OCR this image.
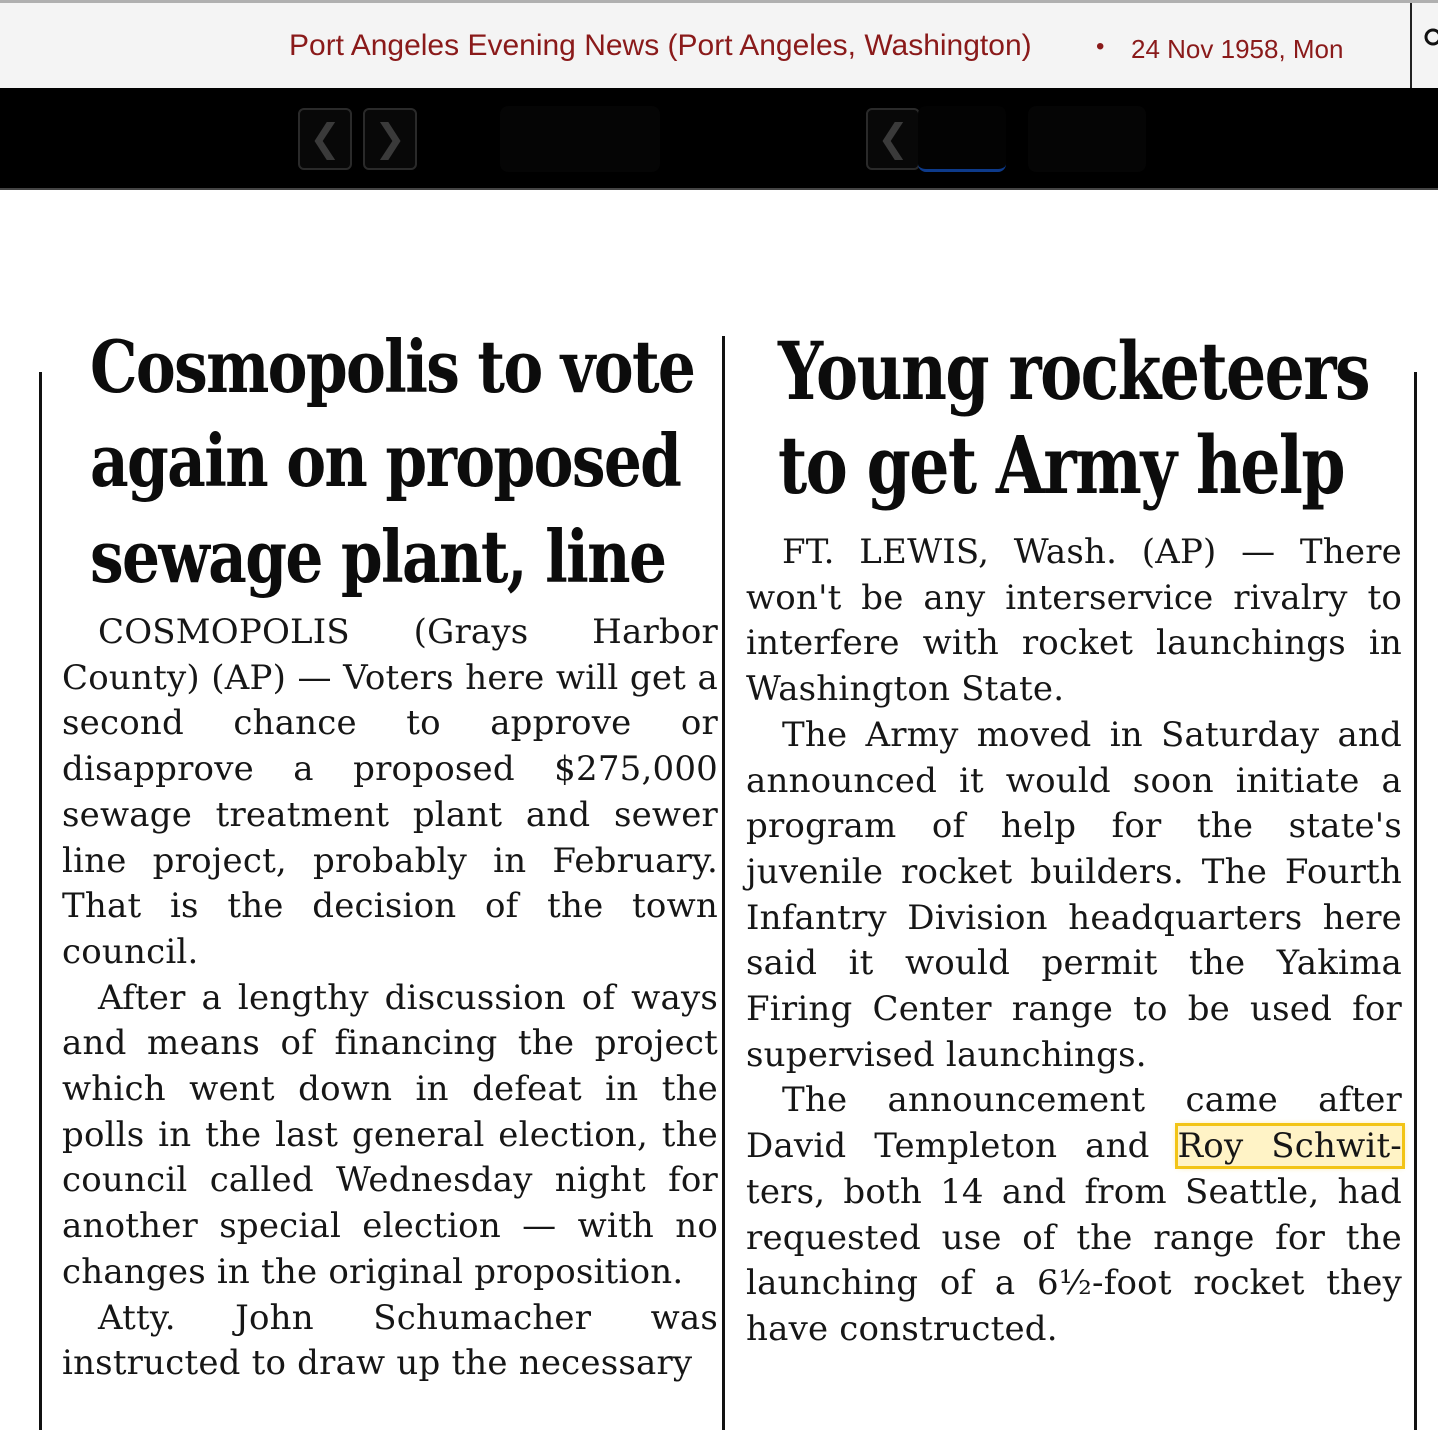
Port Angeles Evening News (Port Angeles, Washington)	• 24 Nov 1958, Mon
❮ ❯	❮
Cosmopolis to vote
again on proposed
sewage plant, line

COSMOPOLIS (Grays Harbor County) (AP) — Voters here will get a second chance to approve or disapprove a proposed $275,000 sewage treatment plant and sewer line project, probably in February. That is the decision of the town council.

After a lengthy discussion of ways and means of financing the project which went down in defeat in the polls in the last general election, the council called Wednesday night for another special election — with no changes in the original proposition.

Atty. John Schumacher was instructed to draw up the necessary

Young rocketeers
to get Army help

FT. LEWIS, Wash. (AP) — There won't be any interservice rivalry to interfere with rocket launchings in Washington State.

The Army moved in Saturday and announced it would soon initiate a program of help for the state's juvenile rocket builders. The Fourth Infantry Division headquarters here said it would permit the Yakima Firing Center range to be used for supervised launchings.

The announcement came after David Templeton and Roy Schwit-ters, both 14 and from Seattle, had requested use of the range for the launching of a 6½-foot rocket they have constructed.
